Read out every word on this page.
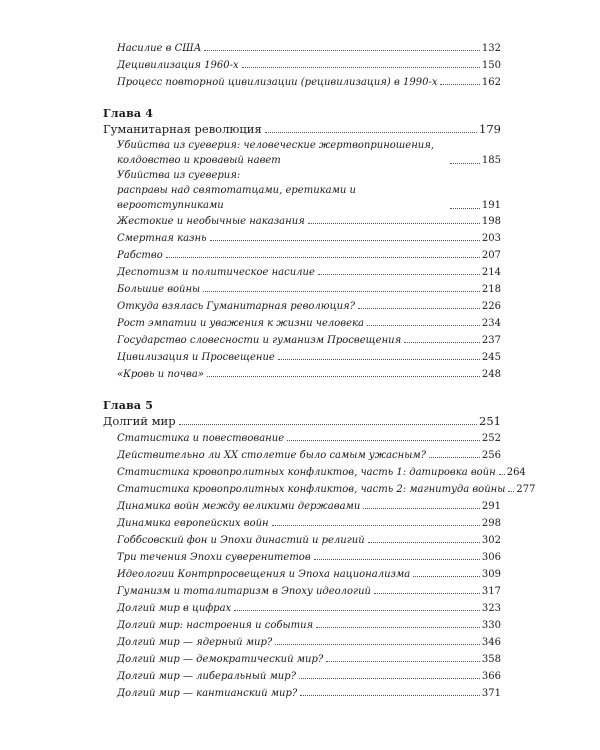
Насилие в США	132
Децивилизация 1960-х	150
Процесс повторной цивилизации (рецивилизация) в 1990-х	162
Глава 4
Гуманитарная революция	179
Убийства из суеверия: человеческие жертвоприношения,
колдовство и кровавый навет	185
Убийства из суеверия:
расправы над святотатцами, еретиками и вероотступниками	191
Жестокие и необычные наказания	198
Смертная казнь	203
Рабство	207
Деспотизм и политическое насилие	214
Большие войны	218
Откуда взялась Гуманитарная революция?	226
Рост эмпатии и уважения к жизни человека	234
Государство словесности и гуманизм Просвещения	237
Цивилизация и Просвещение	245
«Кровь и почва»	248
Глава 5
Долгий мир	251
Статистика и повествование	252
Действительно ли XX столетие было самым ужасным?	256
Статистика кровопролитных конфликтов, часть 1: датировка войн 264
Статистика кровопролитных конфликтов, часть 2: магнитуда войны 277
Динамика войн между великими державами	291
Динамика европейских войн	298
Гоббсовский фон и Эпохи династий и религий	302
Три течения Эпохи суверенитетов	306
Идеологии Контрпросвещения и Эпоха национализма	309
Гуманизм и тоталитаризм в Эпоху идеологий	317
Долгий мир в цифрах	323
Долгий мир: настроения и события	330
Долгий мир — ядерный мир?	346
Долгий мир — демократический мир?	358
Долгий мир — либеральный мир?	366
Долгий мир — кантианский мир?	371
